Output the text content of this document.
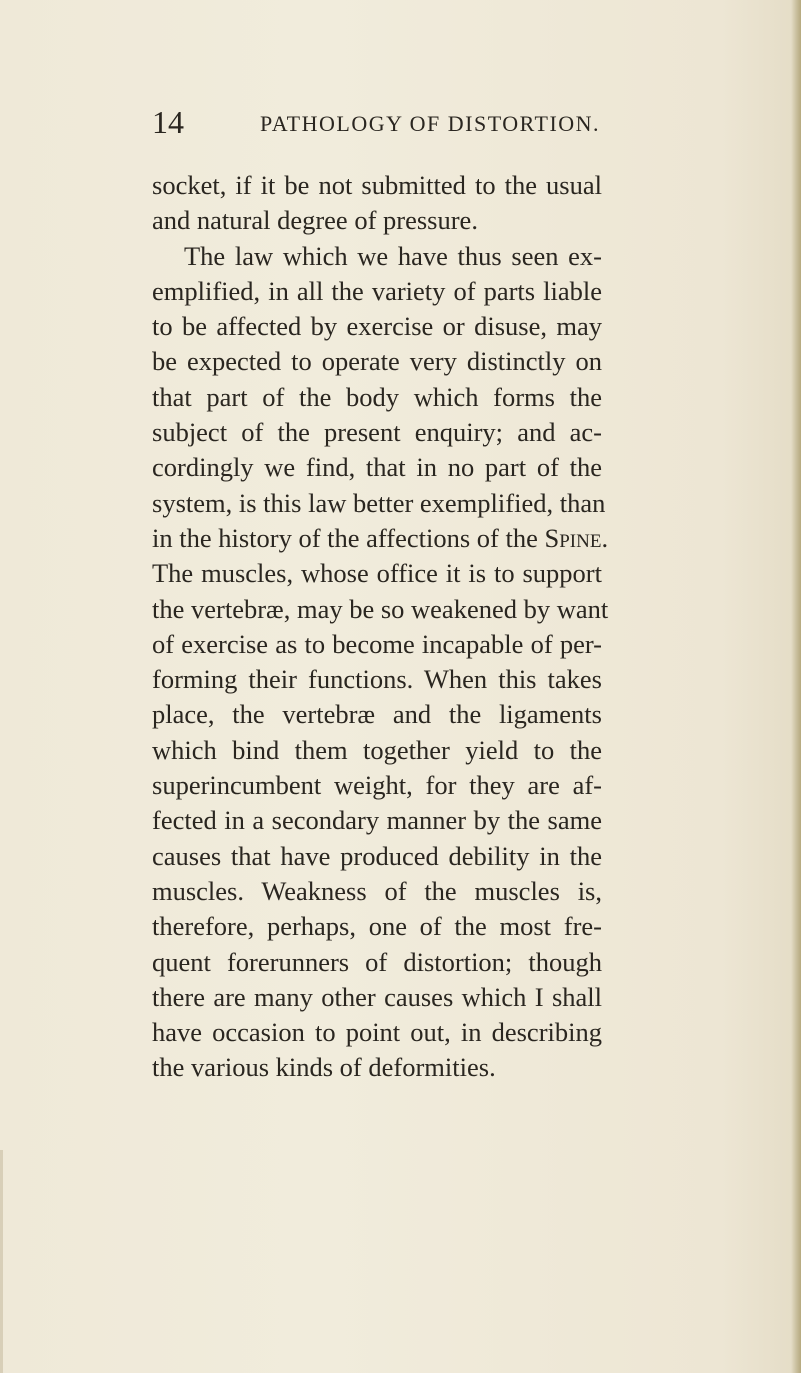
14	PATHOLOGY OF DISTORTION.
socket, if it be not submitted to the usual
and natural degree of pressure.
The law which we have thus seen ex-
emplified, in all the variety of parts liable
to be affected by exercise or disuse, may
be expected to operate very distinctly on
that part of the body which forms the
subject of the present enquiry; and ac-
cordingly we find, that in no part of the
system, is this law better exemplified, than
in the history of the affections of the Spine.
The muscles, whose office it is to support
the vertebræ, may be so weakened by want
of exercise as to become incapable of per-
forming their functions. When this takes
place, the vertebræ and the ligaments
which bind them together yield to the
superincumbent weight, for they are af-
fected in a secondary manner by the same
causes that have produced debility in the
muscles. Weakness of the muscles is,
therefore, perhaps, one of the most fre-
quent forerunners of distortion; though
there are many other causes which I shall
have occasion to point out, in describing
the various kinds of deformities.
